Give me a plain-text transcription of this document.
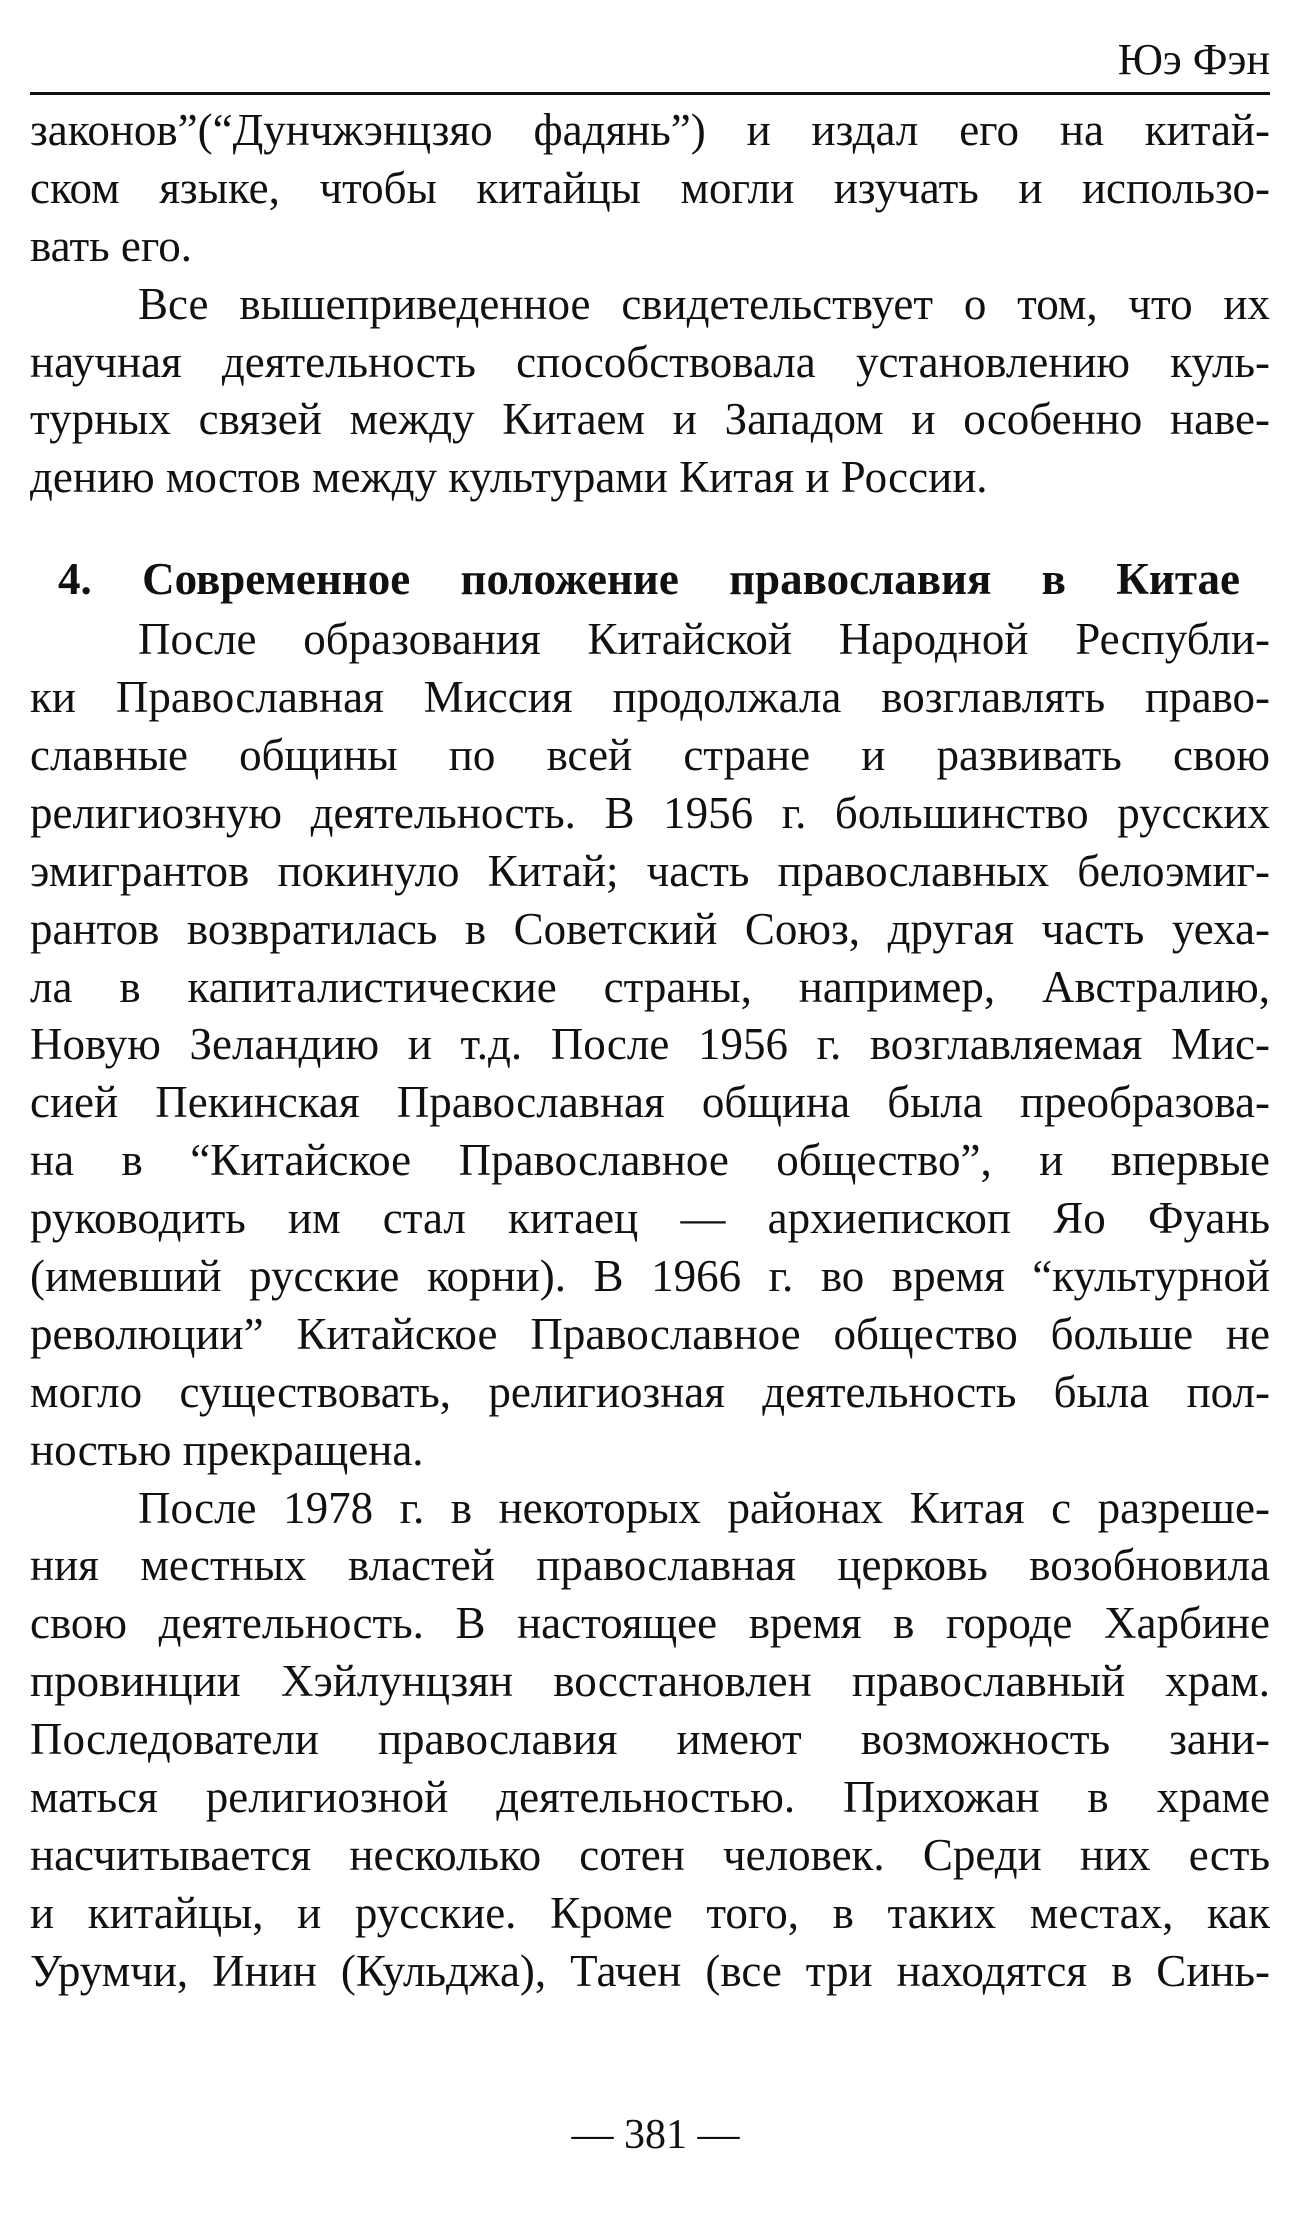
Юэ Фэн
законов”(“Дунчжэнцзяо фадянь”) и издал его на китай-
ском языке, чтобы китайцы могли изучать и использо-
вать его.
Все вышеприведенное свидетельствует о том, что их
научная деятельность способствовала установлению куль-
турных связей между Китаем и Западом и особенно наве-
дению мостов между культурами Китая и России.
4. Современное положение православия в Китае
После образования Китайской Народной Республи-
ки Православная Миссия продолжала возглавлять право-
славные общины по всей стране и развивать свою
религиозную деятельность. В 1956 г. большинство русских
эмигрантов покинуло Китай; часть православных белоэмиг-
рантов возвратилась в Советский Союз, другая часть уеха-
ла в капиталистические страны, например, Австралию,
Новую Зеландию и т.д. После 1956 г. возглавляемая Мис-
сией Пекинская Православная община была преобразова-
на в “Китайское Православное общество”, и впервые
руководить им стал китаец — архиепископ Яо Фуань
(имевший русские корни). В 1966 г. во время “культурной
революции” Китайское Православное общество больше не
могло существовать, религиозная деятельность была пол-
ностью прекращена.
После 1978 г. в некоторых районах Китая с разреше-
ния местных властей православная церковь возобновила
свою деятельность. В настоящее время в городе Харбине
провинции Хэйлунцзян восстановлен православный храм.
Последователи православия имеют возможность зани-
маться религиозной деятельностью. Прихожан в храме
насчитывается несколько сотен человек. Среди них есть
и китайцы, и русские. Кроме того, в таких местах, как
Урумчи, Инин (Кульджа), Тачен (все три находятся в Синь-
— 381 —
